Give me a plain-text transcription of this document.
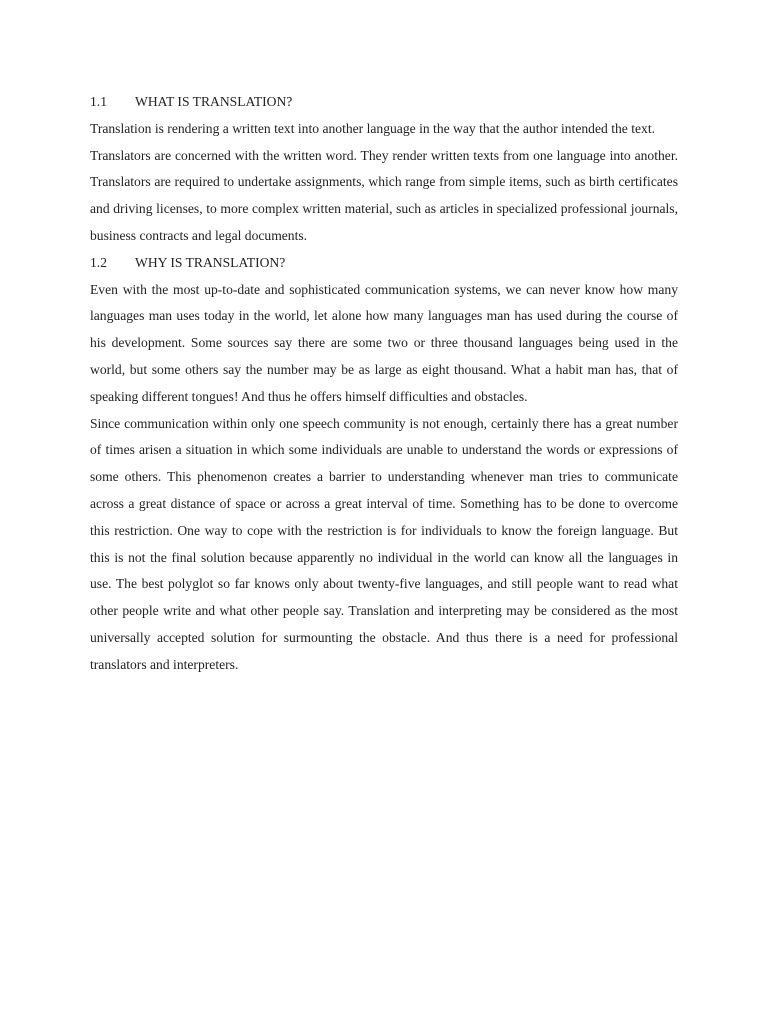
1.1	WHAT IS TRANSLATION?

Translation is rendering a written text into another language in the way that the author intended the text.

Translators are concerned with the written word. They render written texts from one language into another. Translators are required to undertake assignments, which range from simple items, such as birth certificates and driving licenses, to more complex written material, such as articles in specialized professional journals, business contracts and legal documents.

1.2	WHY IS TRANSLATION?

Even with the most up-to-date and sophisticated communication systems, we can never know how many languages man uses today in the world, let alone how many languages man has used during the course of his development. Some sources say there are some two or three thousand languages being used in the world, but some others say the number may be as large as eight thousand. What a habit man has, that of speaking different tongues! And thus he offers himself difficulties and obstacles.

Since communication within only one speech community is not enough, certainly there has a great number of times arisen a situation in which some individuals are unable to understand the words or expressions of some others. This phenomenon creates a barrier to understanding whenever man tries to communicate across a great distance of space or across a great interval of time. Something has to be done to overcome this restriction. One way to cope with the restriction is for individuals to know the foreign language. But this is not the final solution because apparently no individual in the world can know all the languages in use. The best polyglot so far knows only about twenty-five languages, and still people want to read what other people write and what other people say. Translation and interpreting may be considered as the most universally accepted solution for surmounting the obstacle. And thus there is a need for professional translators and interpreters.
